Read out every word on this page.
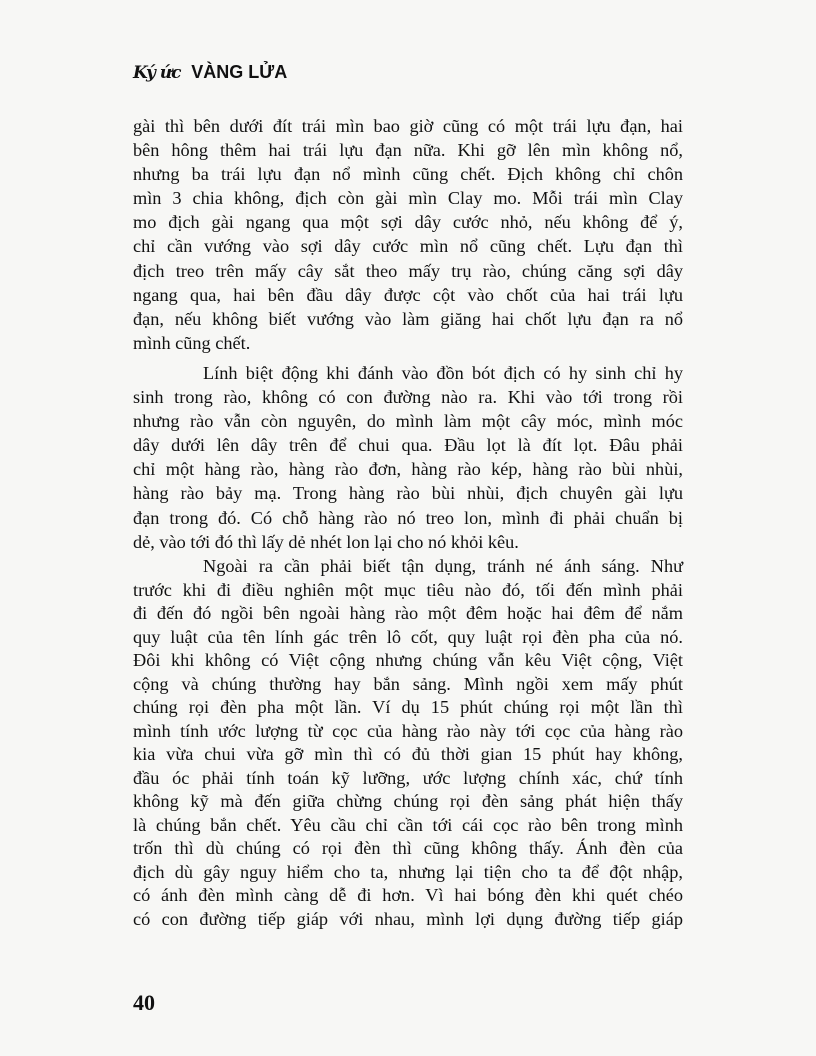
Ký ức VÀNG LỬA
gài thì bên dưới đít trái mìn bao giờ cũng có một trái lựu đạn, hai
bên hông thêm hai trái lựu đạn nữa. Khi gỡ lên mìn không nổ,
nhưng ba trái lựu đạn nổ mình cũng chết. Địch không chỉ chôn
mìn 3 chia không, địch còn gài mìn Clay mo. Mỗi trái mìn Clay
mo địch gài ngang qua một sợi dây cước nhỏ, nếu không để ý,
chỉ cần vướng vào sợi dây cước mìn nổ cũng chết. Lựu đạn thì
địch treo trên mấy cây sắt theo mấy trụ rào, chúng căng sợi dây
ngang qua, hai bên đầu dây được cột vào chốt của hai trái lựu
đạn, nếu không biết vướng vào làm giăng hai chốt lựu đạn ra nổ
mình cũng chết.
Lính biệt động khi đánh vào đồn bót địch có hy sinh chỉ hy
sinh trong rào, không có con đường nào ra. Khi vào tới trong rồi
nhưng rào vẫn còn nguyên, do mình làm một cây móc, mình móc
dây dưới lên dây trên để chui qua. Đầu lọt là đít lọt. Đâu phải
chỉ một hàng rào, hàng rào đơn, hàng rào kép, hàng rào bùi nhùi,
hàng rào bảy mạ. Trong hàng rào bùi nhùi, địch chuyên gài lựu
đạn trong đó. Có chỗ hàng rào nó treo lon, mình đi phải chuẩn bị
dẻ, vào tới đó thì lấy dẻ nhét lon lại cho nó khỏi kêu.
Ngoài ra cần phải biết tận dụng, tránh né ánh sáng. Như
trước khi đi điều nghiên một mục tiêu nào đó, tối đến mình phải
đi đến đó ngồi bên ngoài hàng rào một đêm hoặc hai đêm để nắm
quy luật của tên lính gác trên lô cốt, quy luật rọi đèn pha của nó.
Đôi khi không có Việt cộng nhưng chúng vẫn kêu Việt cộng, Việt
cộng và chúng thường hay bắn sảng. Mình ngồi xem mấy phút
chúng rọi đèn pha một lần. Ví dụ 15 phút chúng rọi một lần thì
mình tính ước lượng từ cọc của hàng rào này tới cọc của hàng rào
kia vừa chui vừa gỡ mìn thì có đủ thời gian 15 phút hay không,
đầu óc phải tính toán kỹ lưỡng, ước lượng chính xác, chứ tính
không kỹ mà đến giữa chừng chúng rọi đèn sảng phát hiện thấy
là chúng bắn chết. Yêu cầu chỉ cần tới cái cọc rào bên trong mình
trốn thì dù chúng có rọi đèn thì cũng không thấy. Ánh đèn của
địch dù gây nguy hiểm cho ta, nhưng lại tiện cho ta để đột nhập,
có ánh đèn mình càng dễ đi hơn. Vì hai bóng đèn khi quét chéo
có con đường tiếp giáp với nhau, mình lợi dụng đường tiếp giáp
40
